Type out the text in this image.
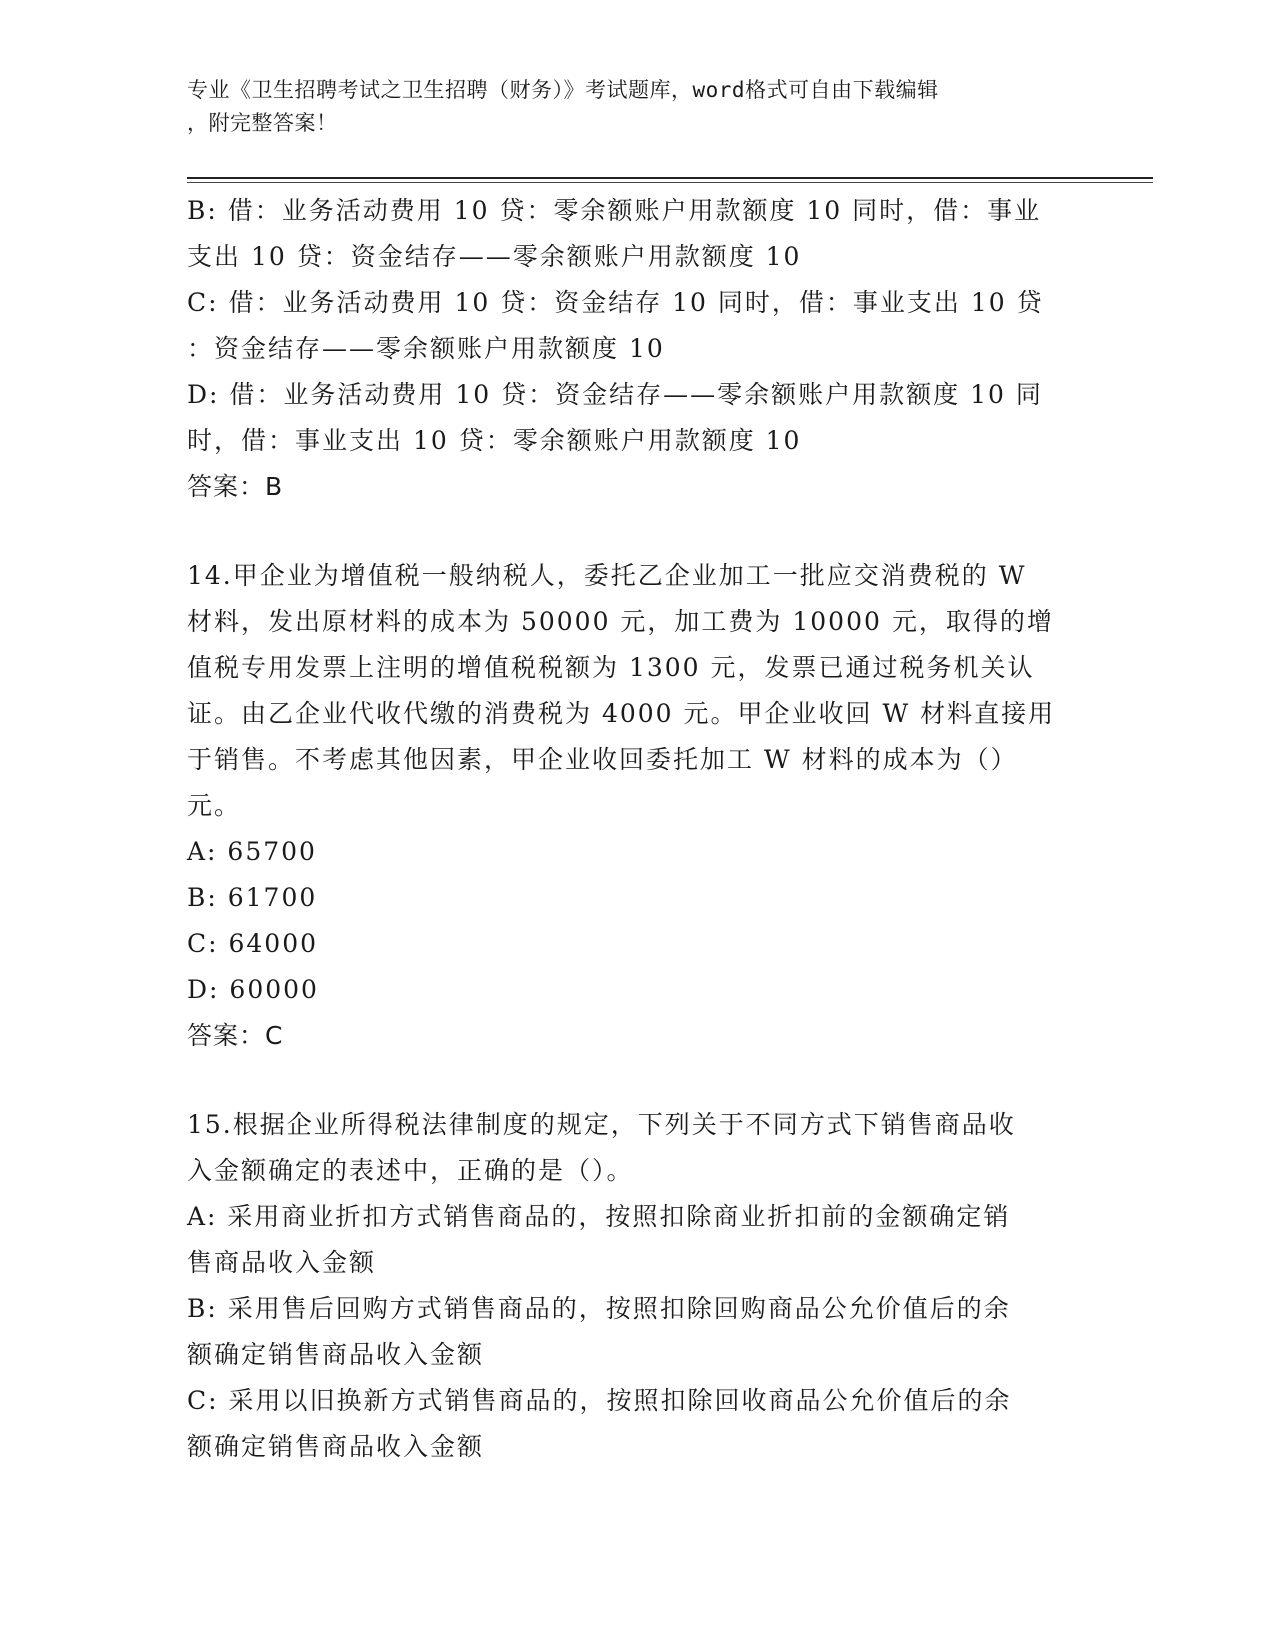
专业《卫生招聘考试之卫生招聘（财务）》考试题库，word格式可自由下载编辑
，附完整答案！

B: 借：业务活动费用 10 贷：零余额账户用款额度 10 同时，借：事业

支出 10 贷：资金结存——零余额账户用款额度 10

C: 借：业务活动费用 10 贷：资金结存 10 同时，借：事业支出 10 贷

：资金结存——零余额账户用款额度 10

D: 借：业务活动费用 10 贷：资金结存——零余额账户用款额度 10 同

时，借：事业支出 10 贷：零余额账户用款额度 10

答案：B

14.甲企业为增值税一般纳税人，委托乙企业加工一批应交消费税的 W

材料，发出原材料的成本为 50000 元，加工费为 10000 元，取得的增

值税专用发票上注明的增值税税额为 1300 元，发票已通过税务机关认

证。由乙企业代收代缴的消费税为 4000 元。甲企业收回 W 材料直接用

于销售。不考虑其他因素，甲企业收回委托加工 W 材料的成本为（）

元。

A: 65700

B: 61700

C: 64000

D: 60000

答案：C

15.根据企业所得税法律制度的规定，下列关于不同方式下销售商品收

入金额确定的表述中，正确的是（）。

A: 采用商业折扣方式销售商品的，按照扣除商业折扣前的金额确定销

售商品收入金额

B: 采用售后回购方式销售商品的，按照扣除回购商品公允价值后的余

额确定销售商品收入金额

C: 采用以旧换新方式销售商品的，按照扣除回收商品公允价值后的余

额确定销售商品收入金额
